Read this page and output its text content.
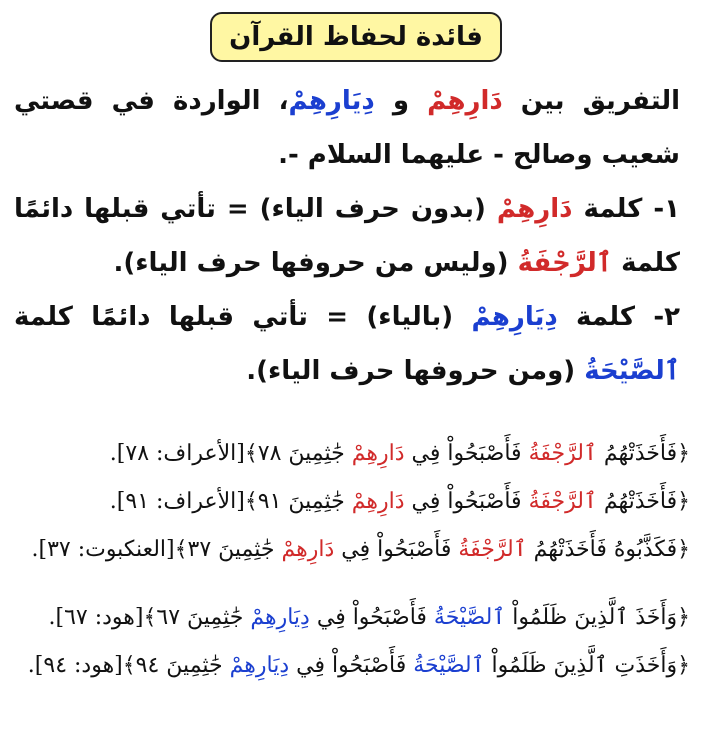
فائدة لحفاظ القرآن

التفريق بين دَارِهِمْ و دِيَارِهِمْ، الواردة في قصتي شعيب وصالح - عليهما السلام -.

١- كلمة دَارِهِمْ (بدون حرف الياء) = تأتي قبلها دائمًا كلمة ٱلرَّجْفَةُ (وليس من حروفها حرف الياء).

٢- كلمة دِيَارِهِمْ (بالياء) = تأتي قبلها دائمًا كلمة ٱلصَّيْحَةُ (ومن حروفها حرف الياء).

﴿فَأَخَذَتْهُمُ ٱلرَّجْفَةُ فَأَصْبَحُواْ فِي دَارِهِمْ جَٰثِمِينَ ٧٨﴾[الأعراف: ٧٨].

﴿فَأَخَذَتْهُمُ ٱلرَّجْفَةُ فَأَصْبَحُواْ فِي دَارِهِمْ جَٰثِمِينَ ٩١﴾[الأعراف: ٩١].

﴿فَكَذَّبُوهُ فَأَخَذَتْهُمُ ٱلرَّجْفَةُ فَأَصْبَحُواْ فِي دَارِهِمْ جَٰثِمِينَ ٣٧﴾[العنكبوت: ٣٧].

﴿وَأَخَذَ ٱلَّذِينَ ظَلَمُواْ ٱلصَّيْحَةُ فَأَصْبَحُواْ فِي دِيَارِهِمْ جَٰثِمِينَ ٦٧﴾[هود: ٦٧].

﴿وَأَخَذَتِ ٱلَّذِينَ ظَلَمُواْ ٱلصَّيْحَةُ فَأَصْبَحُواْ فِي دِيَارِهِمْ جَٰثِمِينَ ٩٤﴾[هود: ٩٤].
